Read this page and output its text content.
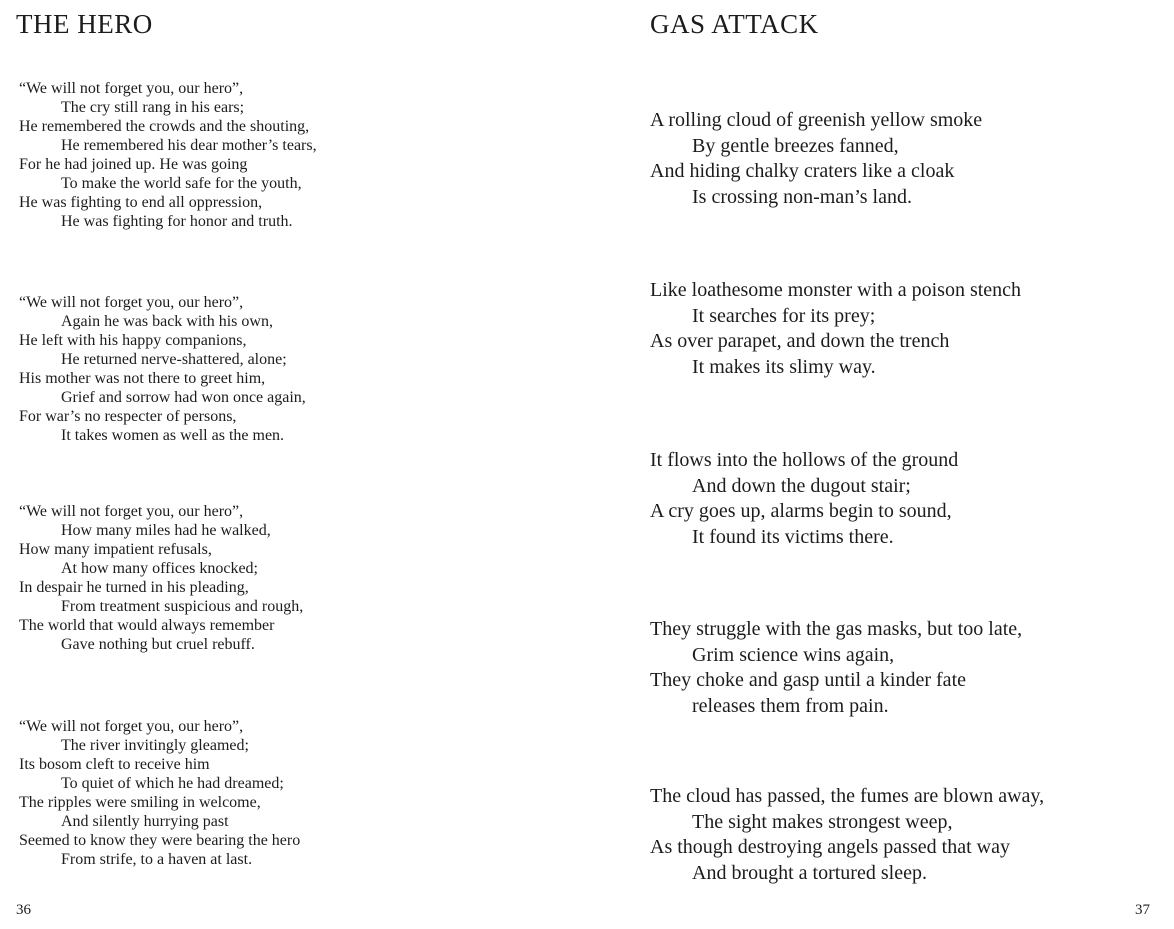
THE HERO
“We will not forget you, our hero”,
The cry still rang in his ears;
He remembered the crowds and the shouting,
He remembered his dear mother’s tears,
For he had joined up. He was going
To make the world safe for the youth,
He was fighting to end all oppression,
He was fighting for honor and truth.
“We will not forget you, our hero”,
Again he was back with his own,
He left with his happy companions,
He returned nerve-shattered, alone;
His mother was not there to greet him,
Grief and sorrow had won once again,
For war’s no respecter of persons,
It takes women as well as the men.
“We will not forget you, our hero”,
How many miles had he walked,
How many impatient refusals,
At how many offices knocked;
In despair he turned in his pleading,
From treatment suspicious and rough,
The world that would always remember
Gave nothing but cruel rebuff.
“We will not forget you, our hero”,
The river invitingly gleamed;
Its bosom cleft to receive him
To quiet of which he had dreamed;
The ripples were smiling in welcome,
And silently hurrying past
Seemed to know they were bearing the hero
From strife, to a haven at last.
36
GAS ATTACK
A rolling cloud of greenish yellow smoke
By gentle breezes fanned,
And hiding chalky craters like a cloak
Is crossing non-man’s land.
Like loathesome monster with a poison stench
It searches for its prey;
As over parapet, and down the trench
It makes its slimy way.
It flows into the hollows of the ground
And down the dugout stair;
A cry goes up, alarms begin to sound,
It found its victims there.
They struggle with the gas masks, but too late,
Grim science wins again,
They choke and gasp until a kinder fate
releases them from pain.
The cloud has passed, the fumes are blown away,
The sight makes strongest weep,
As though destroying angels passed that way
And brought a tortured sleep.
37
